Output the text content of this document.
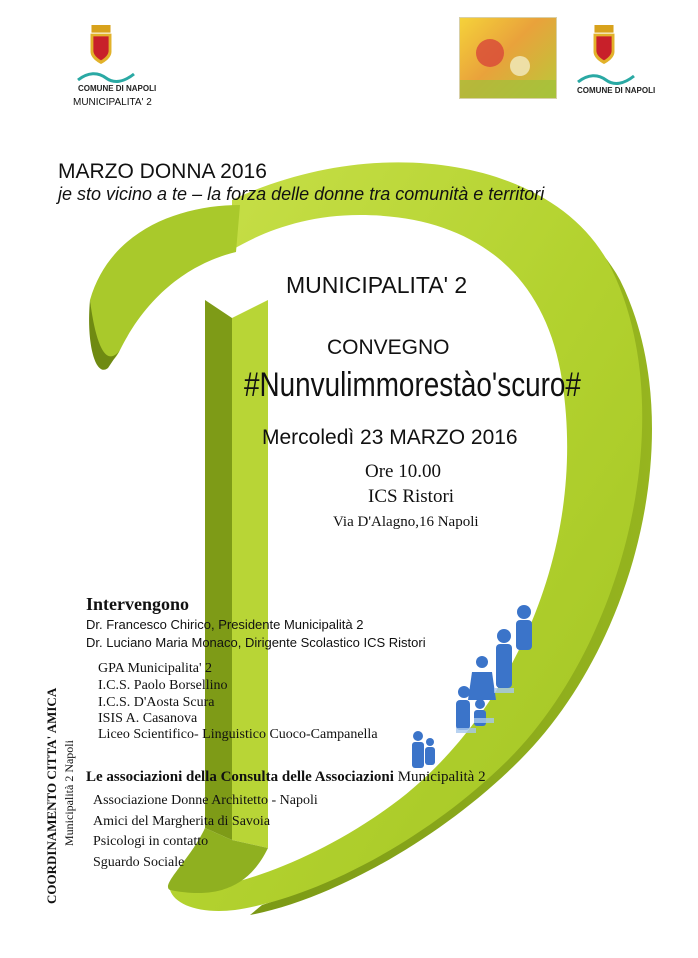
COMUNE DI NAPOLI
MUNICIPALITA' 2
COMUNE DI NAPOLI
MARZO DONNA 2016
je sto vicino a te – la forza delle donne tra comunità e territori
MUNICIPALITA' 2
CONVEGNO
#Nunvulimmorestào'scuro#
Mercoledì 23 MARZO 2016
Ore 10.00
ICS Ristori
Via D'Alagno,16 Napoli
Intervengono
Dr. Francesco Chirico, Presidente Municipalità 2
Dr. Luciano Maria Monaco, Dirigente Scolastico ICS Ristori
GPA Municipalita' 2
I.C.S. Paolo Borsellino
I.C.S. D'Aosta Scura
ISIS A. Casanova
Liceo Scientifico- Linguistico Cuoco-Campanella
Le associazioni della Consulta delle Associazioni Municipalità 2
Associazione Donne Architetto - Napoli
Amici del Margherita di Savoia
Psicologi in contatto
Sguardo Sociale
COORDINAMENTO CITTA' AMICA Municipalità 2 Napoli
